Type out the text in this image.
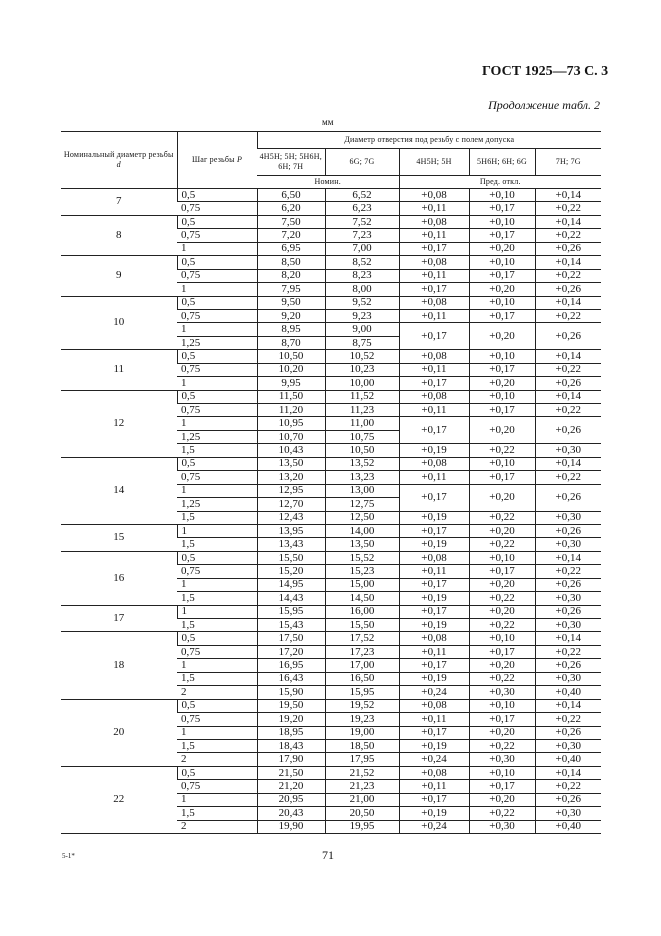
ГОСТ 1925—73 С. 3
Продолжение табл. 2
мм
Номинальный диаметр резьбы d	Шаг резьбы P	Диаметр отверстия под резьбу с полем допуска				
		4H5H; 5H; 5H6H, 6H; 7H	6G; 7G	4H5H; 5H	5H6H; 6H; 6G	7H; 7G
		Номин.		Пред. откл.		
7	0,5	6,50	6,52	+0,08	+0,10	+0,14
	0,75	6,20	6,23	+0,11	+0,17	+0,22
8	0,5	7,50	7,52	+0,08	+0,10	+0,14
	0,75	7,20	7,23	+0,11	+0,17	+0,22
	1	6,95	7,00	+0,17	+0,20	+0,26
9	0,5	8,50	8,52	+0,08	+0,10	+0,14
	0,75	8,20	8,23	+0,11	+0,17	+0,22
	1	7,95	8,00	+0,17	+0,20	+0,26
10	0,5	9,50	9,52	+0,08	+0,10	+0,14
	0,75	9,20	9,23	+0,11	+0,17	+0,22
	1	8,95	9,00	+0,17	+0,20	+0,26
	1,25	8,70	8,75			
11	0,5	10,50	10,52	+0,08	+0,10	+0,14
	0,75	10,20	10,23	+0,11	+0,17	+0,22
	1	9,95	10,00	+0,17	+0,20	+0,26
12	0,5	11,50	11,52	+0,08	+0,10	+0,14
	0,75	11,20	11,23	+0,11	+0,17	+0,22
	1	10,95	11,00	+0,17	+0,20	+0,26
	1,25	10,70	10,75			
	1,5	10,43	10,50	+0,19	+0,22	+0,30
14	0,5	13,50	13,52	+0,08	+0,10	+0,14
	0,75	13,20	13,23	+0,11	+0,17	+0,22
	1	12,95	13,00	+0,17	+0,20	+0,26
	1,25	12,70	12,75			
	1,5	12,43	12,50	+0,19	+0,22	+0,30
15	1	13,95	14,00	+0,17	+0,20	+0,26
	1,5	13,43	13,50	+0,19	+0,22	+0,30
16	0,5	15,50	15,52	+0,08	+0,10	+0,14
	0,75	15,20	15,23	+0,11	+0,17	+0,22
	1	14,95	15,00	+0,17	+0,20	+0,26
	1,5	14,43	14,50	+0,19	+0,22	+0,30
17	1	15,95	16,00	+0,17	+0,20	+0,26
	1,5	15,43	15,50	+0,19	+0,22	+0,30
18	0,5	17,50	17,52	+0,08	+0,10	+0,14
	0,75	17,20	17,23	+0,11	+0,17	+0,22
	1	16,95	17,00	+0,17	+0,20	+0,26
	1,5	16,43	16,50	+0,19	+0,22	+0,30
	2	15,90	15,95	+0,24	+0,30	+0,40
20	0,5	19,50	19,52	+0,08	+0,10	+0,14
	0,75	19,20	19,23	+0,11	+0,17	+0,22
	1	18,95	19,00	+0,17	+0,20	+0,26
	1,5	18,43	18,50	+0,19	+0,22	+0,30
	2	17,90	17,95	+0,24	+0,30	+0,40
22	0,5	21,50	21,52	+0,08	+0,10	+0,14
	0,75	21,20	21,23	+0,11	+0,17	+0,22
	1	20,95	21,00	+0,17	+0,20	+0,26
	1,5	20,43	20,50	+0,19	+0,22	+0,30
	2	19,90	19,95	+0,24	+0,30	+0,40
5-1*	71
